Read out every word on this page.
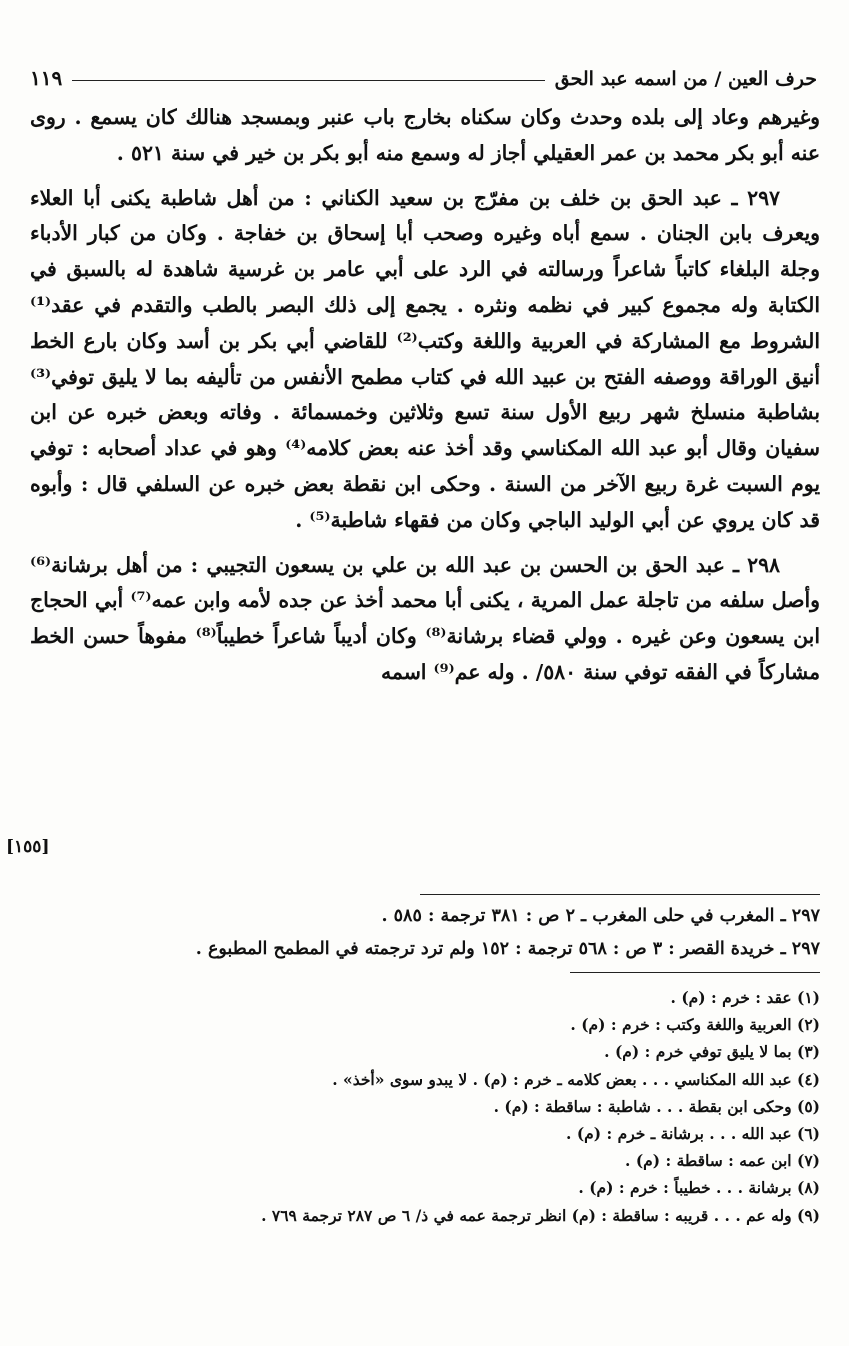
حرف العين / من اسمه عبد الحق
١١٩

وغيرهم وعاد إلى بلده وحدث وكان سكناه بخارج باب عنبر وبمسجد هنالك كان يسمع . روى عنه أبو بكر محمد بن عمر العقيلي أجاز له وسمع منه أبو بكر بن خير في سنة ٥٢١ .

٢٩٧ ـ عبد الحق بن خلف بن مفرّج بن سعيد الكناني : من أهل شاطبة يكنى أبا العلاء ويعرف بابن الجنان . سمع أباه وغيره وصحب أبا إسحاق بن خفاجة . وكان من كبار الأدباء وجلة البلغاء كاتباً شاعراً ورسالته في الرد على أبي عامر بن غرسية شاهدة له بالسبق في الكتابة وله مجموع كبير في نظمه ونثره . يجمع إلى ذلك البصر بالطب والتقدم في عقد⁽¹⁾ الشروط مع المشاركة في العربية واللغة وكتب⁽²⁾ للقاضي أبي بكر بن أسد وكان بارع الخط أنيق الوراقة ووصفه الفتح بن عبيد الله في كتاب مطمح الأنفس من تأليفه بما لا يليق توفي⁽³⁾ بشاطبة منسلخ شهر ربيع الأول سنة تسع وثلاثين وخمسمائة . وفاته وبعض خبره عن ابن سفيان وقال أبو عبد الله المكناسي وقد أخذ عنه بعض كلامه⁽⁴⁾ وهو في عداد أصحابه : توفي يوم السبت غرة ربيع الآخر من السنة . وحكى ابن نقطة بعض خبره عن السلفي قال : وأبوه قد كان يروي عن أبي الوليد الباجي وكان من فقهاء شاطبة⁽⁵⁾ .

٢٩٨ ـ عبد الحق بن الحسن بن عبد الله بن علي بن يسعون التجيبي : من أهل برشانة⁽⁶⁾ وأصل سلفه من تاجلة عمل المرية ، يكنى أبا محمد أخذ عن جده لأمه وابن عمه⁽⁷⁾ أبي الحجاج ابن يسعون وعن غيره . وولي قضاء برشانة⁽⁸⁾ وكان أديباً شاعراً خطيباً⁽⁸⁾ مفوهاً حسن الخط مشاركاً في الفقه توفي سنة ٥٨٠/ . وله عم⁽⁹⁾ اسمه

[١٥٥]

٢٩٧ ـ المغرب في حلى المغرب ـ ٢ ص : ٣٨١ ترجمة : ٥٨٥ .

٢٩٧ ـ خريدة القصر : ٣ ص : ٥٦٨ ترجمة : ١٥٢ ولم ترد ترجمته في المطمح المطبوع .

(١) عقد : خرم : (م) .

(٢) العربية واللغة وكتب : خرم : (م) .

(٣) بما لا يليق توفي خرم : (م) .

(٤) عبد الله المكناسي . . . بعض كلامه ـ خرم : (م) . لا يبدو سوى «أخذ» .

(٥) وحكى ابن بقطة . . . شاطبة : ساقطة : (م) .

(٦) عبد الله . . . برشانة ـ خرم : (م) .

(٧) ابن عمه : ساقطة : (م) .

(٨) برشانة . . . خطيباً : خرم : (م) .

(٩) وله عم . . . قريبه : ساقطة : (م) انظر ترجمة عمه في ذ/ ٦ ص ٢٨٧ ترجمة ٧٦٩ .
